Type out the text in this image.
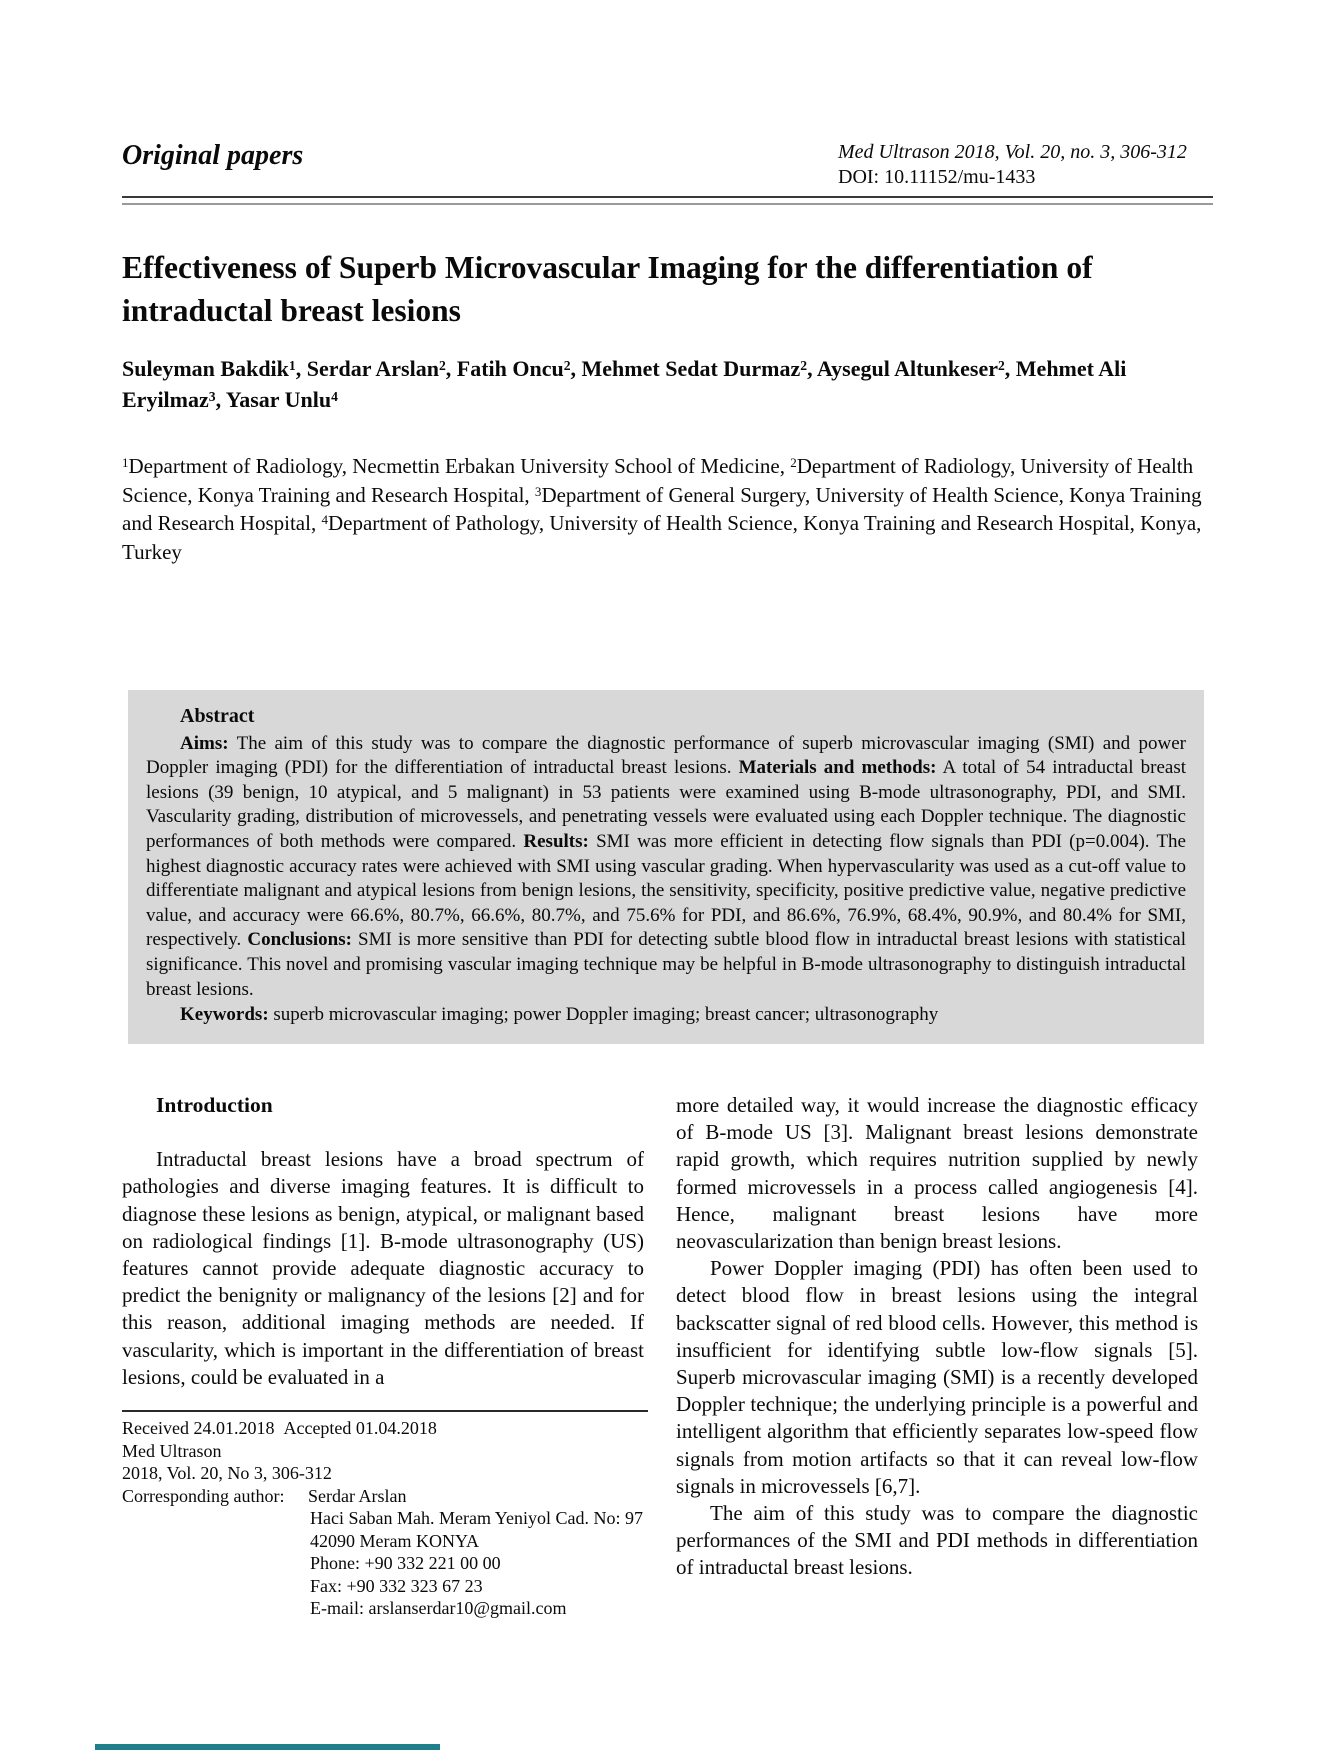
Original papers	Med Ultrason 2018, Vol. 20, no. 3, 306-312
DOI: 10.11152/mu-1433
Effectiveness of Superb Microvascular Imaging for the differentiation of intraductal breast lesions
Suleyman Bakdik$^1$, Serdar Arslan$^2$, Fatih Oncu$^2$, Mehmet Sedat Durmaz$^2$, Aysegul Altunkeser$^2$, Mehmet Ali Eryilmaz$^3$, Yasar Unlu$^4$

$^1$Department of Radiology, Necmettin Erbakan University School of Medicine, $^2$Department of Radiology, University of Health Science, Konya Training and Research Hospital, $^3$Department of General Surgery, University of Health Science, Konya Training and Research Hospital, $^4$Department of Pathology, University of Health Science, Konya Training and Research Hospital, Konya, Turkey

Abstract

Aims: The aim of this study was to compare the diagnostic performance of superb microvascular imaging (SMI) and power Doppler imaging (PDI) for the differentiation of intraductal breast lesions. Materials and methods: A total of 54 intraductal breast lesions (39 benign, 10 atypical, and 5 malignant) in 53 patients were examined using B-mode ultrasonography, PDI, and SMI. Vascularity grading, distribution of microvessels, and penetrating vessels were evaluated using each Doppler technique. The diagnostic performances of both methods were compared. Results: SMI was more efficient in detecting flow signals than PDI (p=0.004). The highest diagnostic accuracy rates were achieved with SMI using vascular grading. When hypervascularity was used as a cut-off value to differentiate malignant and atypical lesions from benign lesions, the sensitivity, specificity, positive predictive value, negative predictive value, and accuracy were 66.6%, 80.7%, 66.6%, 80.7%, and 75.6% for PDI, and 86.6%, 76.9%, 68.4%, 90.9%, and 80.4% for SMI, respectively. Conclusions: SMI is more sensitive than PDI for detecting subtle blood flow in intraductal breast lesions with statistical significance. This novel and promising vascular imaging technique may be helpful in B-mode ultrasonography to distinguish intraductal breast lesions.

Keywords: superb microvascular imaging; power Doppler imaging; breast cancer; ultrasonography

Introduction

Intraductal breast lesions have a broad spectrum of pathologies and diverse imaging features. It is difficult to diagnose these lesions as benign, atypical, or malignant based on radiological findings [1]. B-mode ultrasonography (US) features cannot provide adequate diagnostic accuracy to predict the benignity or malignancy of the lesions [2] and for this reason, additional imaging methods are needed. If vascularity, which is important in the differentiation of breast lesions, could be evaluated in a

more detailed way, it would increase the diagnostic efficacy of B-mode US [3]. Malignant breast lesions demonstrate rapid growth, which requires nutrition supplied by newly formed microvessels in a process called angiogenesis [4]. Hence, malignant breast lesions have more neovascularization than benign breast lesions.

Power Doppler imaging (PDI) has often been used to detect blood flow in breast lesions using the integral backscatter signal of red blood cells. However, this method is insufficient for identifying subtle low-flow signals [5]. Superb microvascular imaging (SMI) is a recently developed Doppler technique; the underlying principle is a powerful and intelligent algorithm that efficiently separates low-speed flow signals from motion artifacts so that it can reveal low-flow signals in microvessels [6,7].

The aim of this study was to compare the diagnostic performances of the SMI and PDI methods in differentiation of intraductal breast lesions.

Received 24.01.2018  Accepted 01.04.2018
Med Ultrason
2018, Vol. 20, No 3, 306-312
Corresponding author: Serdar Arslan
Haci Saban Mah. Meram Yeniyol Cad. No: 97
42090 Meram KONYA
Phone: +90 332 221 00 00
Fax: +90 332 323 67 23
E-mail: arslanserdar10@gmail.com
